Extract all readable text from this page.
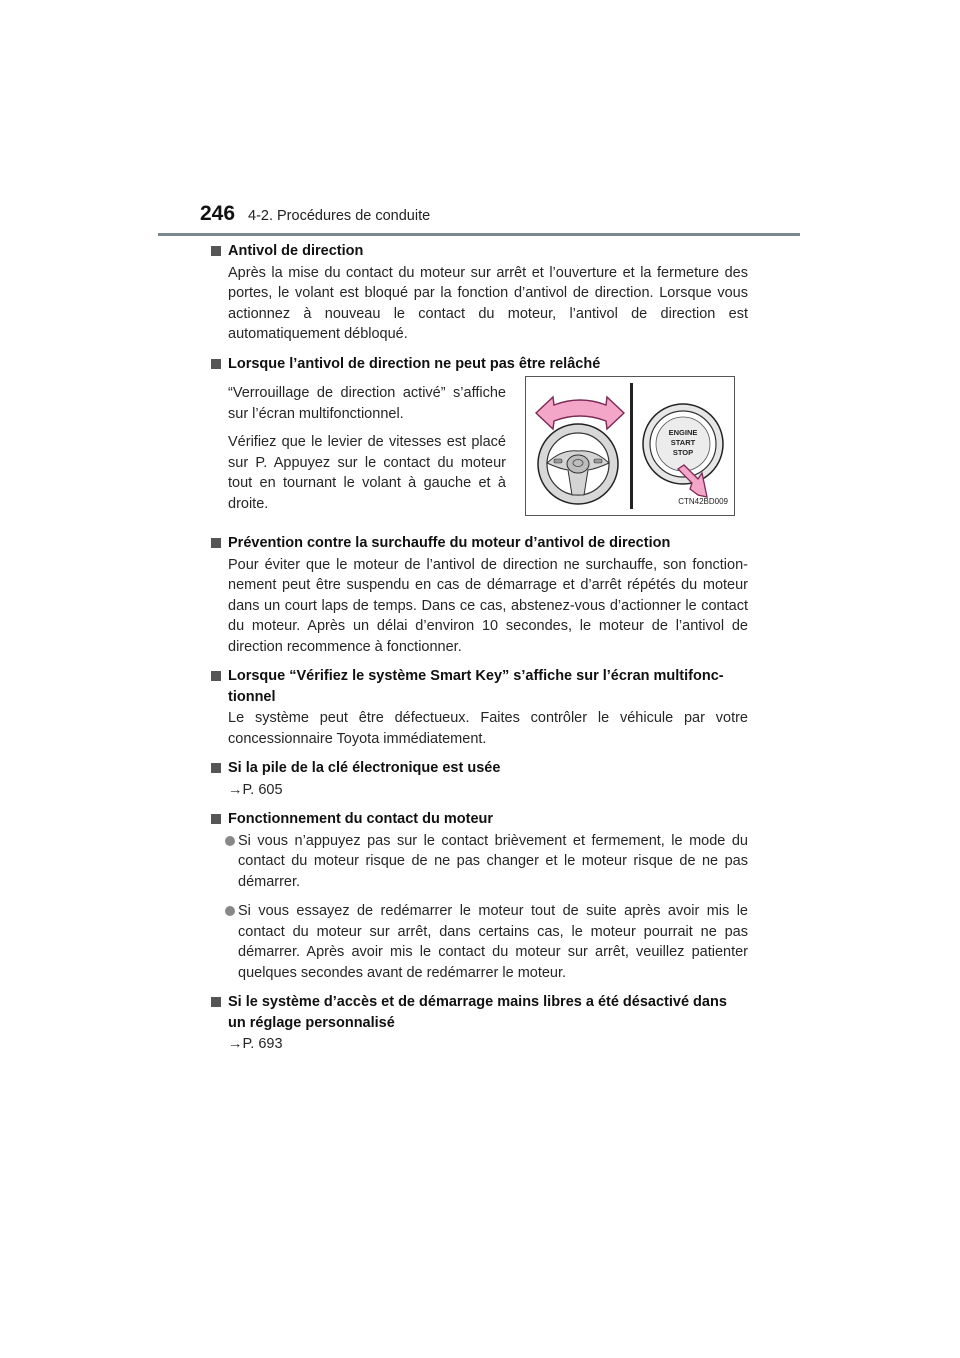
246 4-2. Procédures de conduite
Antivol de direction
Après la mise du contact du moteur sur arrêt et l’ouverture et la fermeture des portes, le volant est bloqué par la fonction d’antivol de direction. Lorsque vous actionnez à nouveau le contact du moteur, l’antivol de direction est automatiquement débloqué.
Lorsque l’antivol de direction ne peut pas être relâché
“Verrouillage de direction activé” s’affiche sur l’écran multifonctionnel.
Vérifiez que le levier de vitesses est placé sur P. Appuyez sur le contact du moteur tout en tournant le volant à gauche et à droite.
ENGINE
START
STOP
CTN42BD009
Prévention contre la surchauffe du moteur d’antivol de direction
Pour éviter que le moteur de l’antivol de direction ne surchauffe, son fonction-nement peut être suspendu en cas de démarrage et d’arrêt répétés du moteur dans un court laps de temps. Dans ce cas, abstenez-vous d’actionner le contact du moteur. Après un délai d’environ 10 secondes, le moteur de l’antivol de direction recommence à fonctionner.
Lorsque “Vérifiez le système Smart Key” s’affiche sur l’écran multifonc-tionnel
Le système peut être défectueux. Faites contrôler le véhicule par votre concessionnaire Toyota immédiatement.
Si la pile de la clé électronique est usée
→P. 605
Fonctionnement du contact du moteur
Si vous n’appuyez pas sur le contact brièvement et fermement, le mode du contact du moteur risque de ne pas changer et le moteur risque de ne pas démarrer.
Si vous essayez de redémarrer le moteur tout de suite après avoir mis le contact du moteur sur arrêt, dans certains cas, le moteur pourrait ne pas démarrer. Après avoir mis le contact du moteur sur arrêt, veuillez patienter quelques secondes avant de redémarrer le moteur.
Si le système d’accès et de démarrage mains libres a été désactivé dans un réglage personnalisé
→P. 693
